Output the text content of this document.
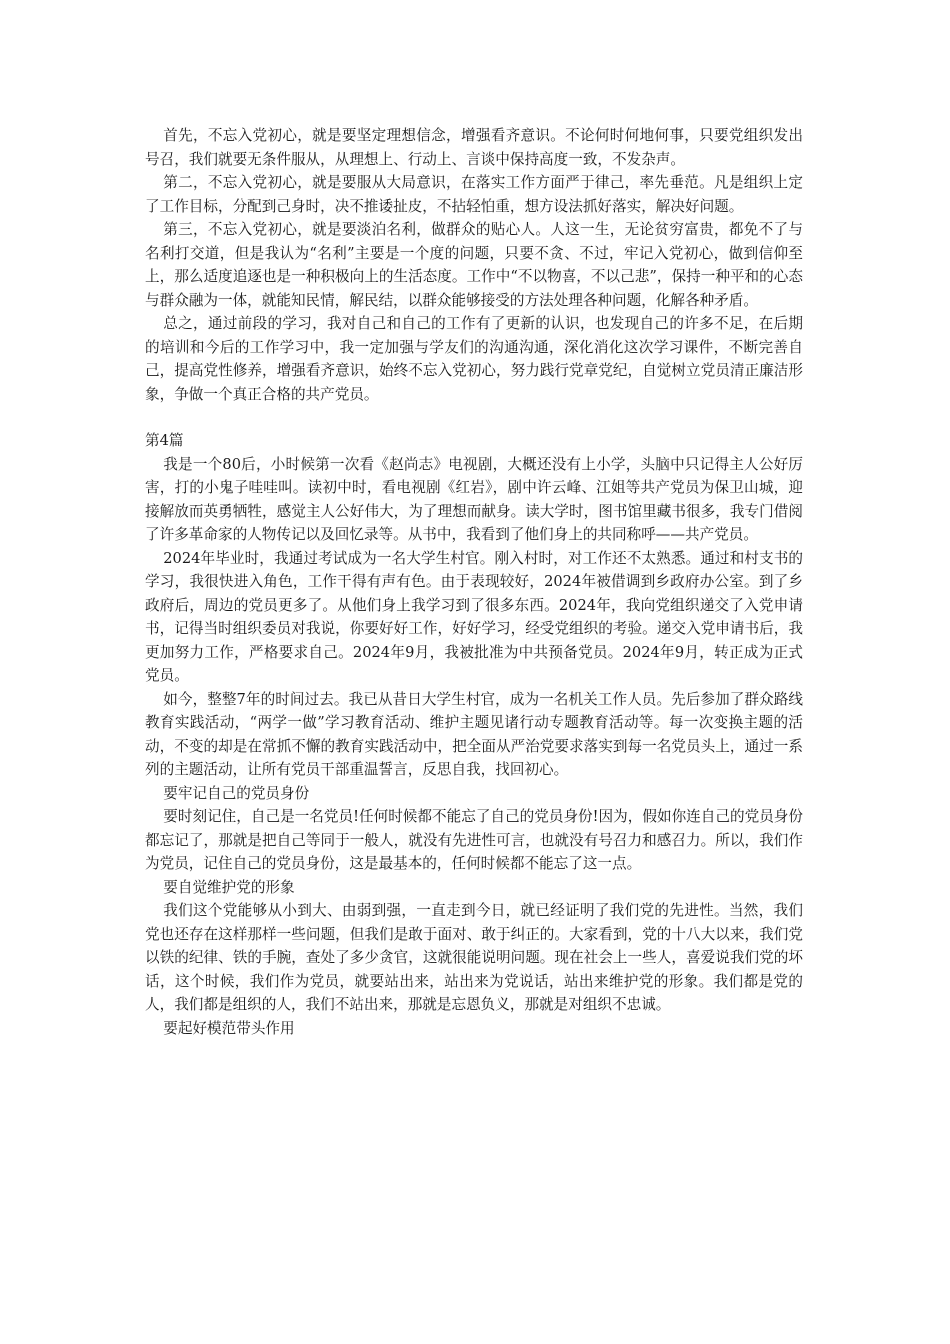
首先，不忘入党初心，就是要坚定理想信念，增强看齐意识。不论何时何地何事，只要党组织发出号召，我们就要无条件服从，从理想上、行动上、言谈中保持高度一致，不发杂声。

第二，不忘入党初心，就是要服从大局意识，在落实工作方面严于律己，率先垂范。凡是组织上定了工作目标，分配到己身时，决不推诿扯皮，不拈轻怕重，想方设法抓好落实，解决好问题。

第三，不忘入党初心，就是要淡泊名利，做群众的贴心人。人这一生，无论贫穷富贵，都免不了与名利打交道，但是我认为“名利”主要是一个度的问题，只要不贪、不过，牢记入党初心，做到信仰至上，那么适度追逐也是一种积极向上的生活态度。工作中“不以物喜，不以己悲”，保持一种平和的心态与群众融为一体，就能知民情，解民结，以群众能够接受的方法处理各种问题，化解各种矛盾。

总之，通过前段的学习，我对自己和自己的工作有了更新的认识，也发现自己的许多不足，在后期的培训和今后的工作学习中，我一定加强与学友们的沟通沟通，深化消化这次学习课件，不断完善自己，提高党性修养，增强看齐意识，始终不忘入党初心，努力践行党章党纪，自觉树立党员清正廉洁形象，争做一个真正合格的共产党员。

第4篇

我是一个80后，小时候第一次看《赵尚志》电视剧，大概还没有上小学，头脑中只记得主人公好厉害，打的小鬼子哇哇叫。读初中时，看电视剧《红岩》，剧中许云峰、江姐等共产党员为保卫山城，迎接解放而英勇牺牲，感觉主人公好伟大，为了理想而献身。读大学时，图书馆里藏书很多，我专门借阅了许多革命家的人物传记以及回忆录等。从书中，我看到了他们身上的共同称呼——共产党员。

2024年毕业时，我通过考试成为一名大学生村官。刚入村时，对工作还不太熟悉。通过和村支书的学习，我很快进入角色，工作干得有声有色。由于表现较好，2024年被借调到乡政府办公室。到了乡政府后，周边的党员更多了。从他们身上我学习到了很多东西。2024年，我向党组织递交了入党申请书，记得当时组织委员对我说，你要好好工作，好好学习，经受党组织的考验。递交入党申请书后，我更加努力工作，严格要求自己。2024年9月，我被批准为中共预备党员。2024年9月，转正成为正式党员。

如今，整整7年的时间过去。我已从昔日大学生村官，成为一名机关工作人员。先后参加了群众路线教育实践活动，“两学一做”学习教育活动、维护主题见诸行动专题教育活动等。每一次变换主题的活动，不变的却是在常抓不懈的教育实践活动中，把全面从严治党要求落实到每一名党员头上，通过一系列的主题活动，让所有党员干部重温誓言，反思自我，找回初心。

要牢记自己的党员身份

要时刻记住，自己是一名党员!任何时候都不能忘了自己的党员身份!因为，假如你连自己的党员身份都忘记了，那就是把自己等同于一般人，就没有先进性可言，也就没有号召力和感召力。所以，我们作为党员，记住自己的党员身份，这是最基本的，任何时候都不能忘了这一点。

要自觉维护党的形象

我们这个党能够从小到大、由弱到强，一直走到今日，就已经证明了我们党的先进性。当然，我们党也还存在这样那样一些问题，但我们是敢于面对、敢于纠正的。大家看到，党的十八大以来，我们党以铁的纪律、铁的手腕，查处了多少贪官，这就很能说明问题。现在社会上一些人，喜爱说我们党的坏话，这个时候，我们作为党员，就要站出来，站出来为党说话，站出来维护党的形象。我们都是党的人，我们都是组织的人，我们不站出来，那就是忘恩负义，那就是对组织不忠诚。

要起好模范带头作用
